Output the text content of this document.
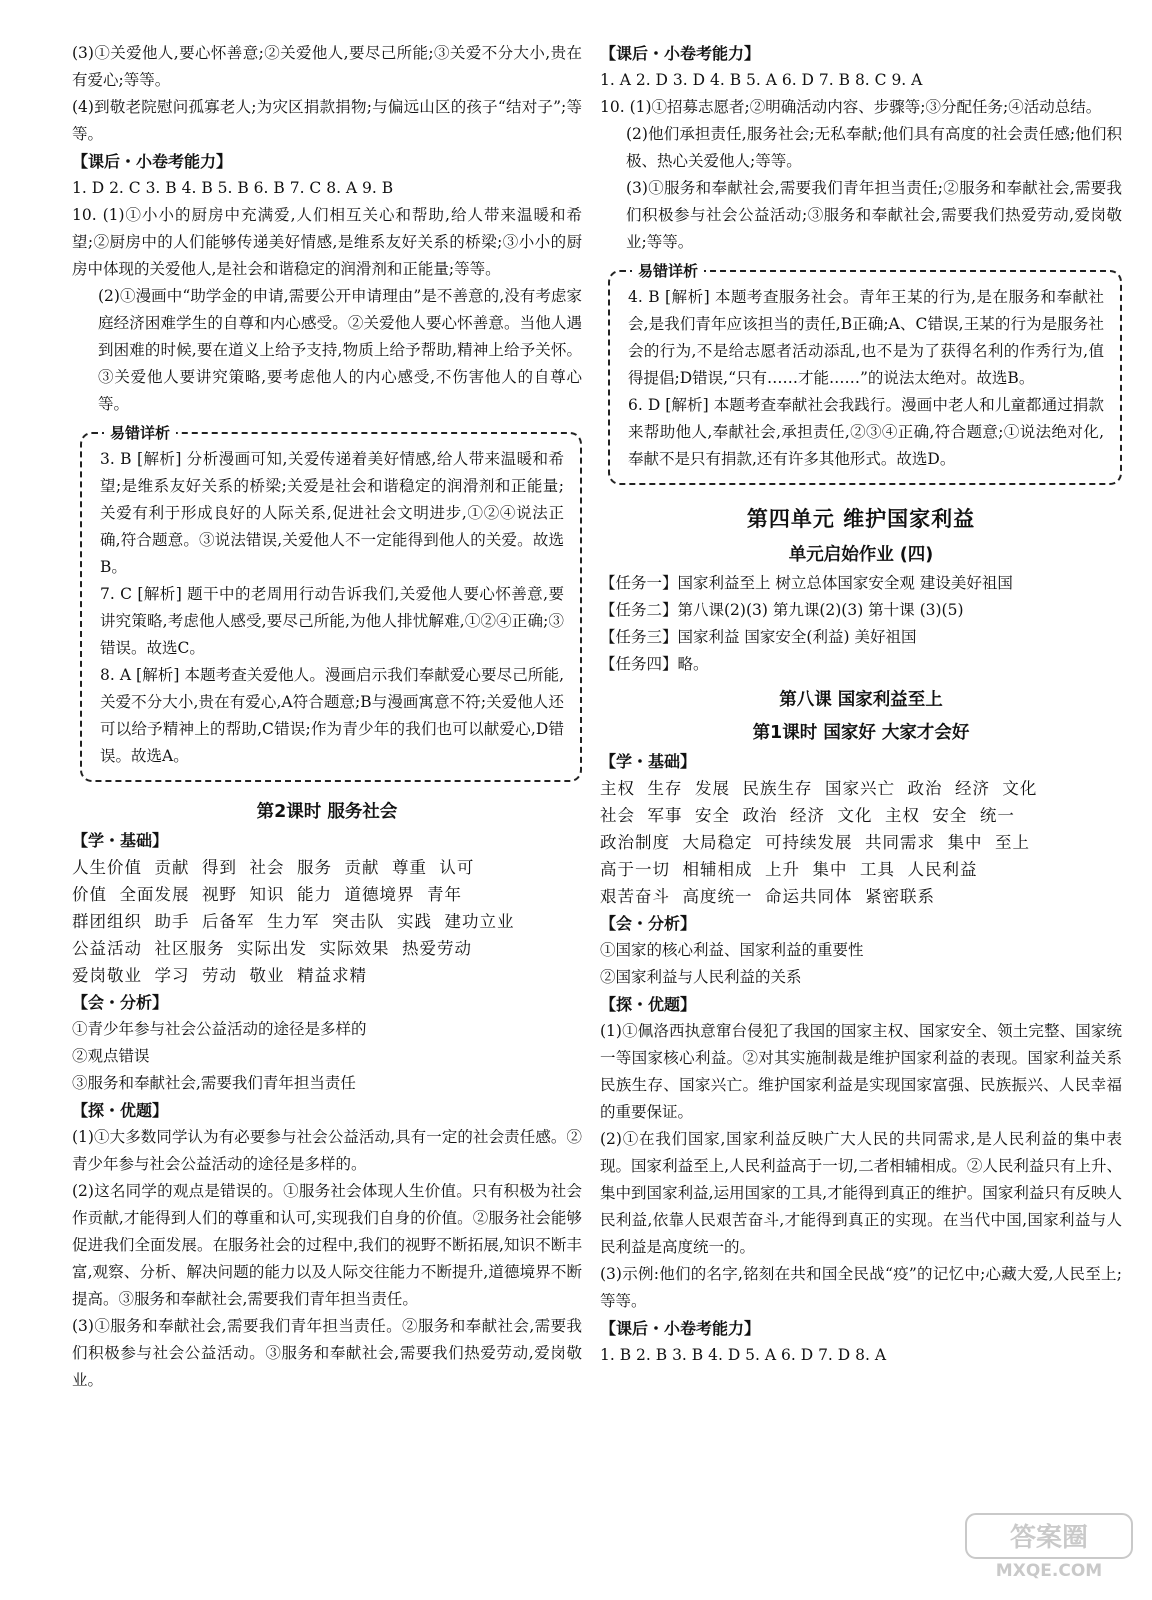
(3)①关爱他人,要心怀善意;②关爱他人,要尽己所能;③关爱不分大小,贵在有爱心;等等。

(4)到敬老院慰问孤寡老人;为灾区捐款捐物;与偏远山区的孩子“结对子”;等等。

【课后・小卷考能力】

1. D 2. C 3. B 4. B 5. B 6. B 7. C 8. A 9. B

10. (1)①小小的厨房中充满爱,人们相互关心和帮助,给人带来温暖和希望;②厨房中的人们能够传递美好情感,是维系友好关系的桥梁;③小小的厨房中体现的关爱他人,是社会和谐稳定的润滑剂和正能量;等等。

(2)①漫画中“助学金的申请,需要公开申请理由”是不善意的,没有考虑家庭经济困难学生的自尊和内心感受。②关爱他人要心怀善意。当他人遇到困难的时候,要在道义上给予支持,物质上给予帮助,精神上给予关怀。③关爱他人要讲究策略,要考虑他人的内心感受,不伤害他人的自尊心等。

易错详析

3. B [解析] 分析漫画可知,关爱传递着美好情感,给人带来温暖和希望;是维系友好关系的桥梁;关爱是社会和谐稳定的润滑剂和正能量;关爱有利于形成良好的人际关系,促进社会文明进步,①②④说法正确,符合题意。③说法错误,关爱他人不一定能得到他人的关爱。故选B。

7. C [解析] 题干中的老周用行动告诉我们,关爱他人要心怀善意,要讲究策略,考虑他人感受,要尽己所能,为他人排忧解难,①②④正确;③错误。故选C。

8. A [解析] 本题考查关爱他人。漫画启示我们奉献爱心要尽己所能,关爱不分大小,贵在有爱心,A符合题意;B与漫画寓意不符;关爱他人还可以给予精神上的帮助,C错误;作为青少年的我们也可以献爱心,D错误。故选A。

第2课时 服务社会

【学・基础】

人生价值  贡献  得到  社会  服务  贡献  尊重  认可

价值  全面发展  视野  知识  能力  道德境界  青年

群团组织  助手  后备军  生力军  突击队  实践  建功立业

公益活动  社区服务  实际出发  实际效果  热爱劳动

爱岗敬业  学习  劳动  敬业  精益求精

【会・分析】

①青少年参与社会公益活动的途径是多样的

②观点错误

③服务和奉献社会,需要我们青年担当责任

【探・优题】

(1)①大多数同学认为有必要参与社会公益活动,具有一定的社会责任感。②青少年参与社会公益活动的途径是多样的。

(2)这名同学的观点是错误的。①服务社会体现人生价值。只有积极为社会作贡献,才能得到人们的尊重和认可,实现我们自身的价值。②服务社会能够促进我们全面发展。在服务社会的过程中,我们的视野不断拓展,知识不断丰富,观察、分析、解决问题的能力以及人际交往能力不断提升,道德境界不断提高。③服务和奉献社会,需要我们青年担当责任。

(3)①服务和奉献社会,需要我们青年担当责任。②服务和奉献社会,需要我们积极参与社会公益活动。③服务和奉献社会,需要我们热爱劳动,爱岗敬业。

【课后・小卷考能力】

1. A 2. D 3. D 4. B 5. A 6. D 7. B 8. C 9. A

10. (1)①招募志愿者;②明确活动内容、步骤等;③分配任务;④活动总结。

(2)他们承担责任,服务社会;无私奉献;他们具有高度的社会责任感;他们积极、热心关爱他人;等等。

(3)①服务和奉献社会,需要我们青年担当责任;②服务和奉献社会,需要我们积极参与社会公益活动;③服务和奉献社会,需要我们热爱劳动,爱岗敬业;等等。

易错详析

4. B [解析] 本题考查服务社会。青年王某的行为,是在服务和奉献社会,是我们青年应该担当的责任,B正确;A、C错误,王某的行为是服务社会的行为,不是给志愿者活动添乱,也不是为了获得名利的作秀行为,值得提倡;D错误,“只有……才能……”的说法太绝对。故选B。

6. D [解析] 本题考查奉献社会我践行。漫画中老人和儿童都通过捐款来帮助他人,奉献社会,承担责任,②③④正确,符合题意;①说法绝对化,奉献不是只有捐款,还有许多其他形式。故选D。

第四单元 维护国家利益
单元启始作业 (四)

【任务一】国家利益至上 树立总体国家安全观 建设美好祖国

【任务二】第八课(2)(3) 第九课(2)(3) 第十课 (3)(5)

【任务三】国家利益 国家安全(利益) 美好祖国

【任务四】略。

第八课 国家利益至上
第1课时 国家好 大家才会好

【学・基础】

主权  生存  发展  民族生存  国家兴亡  政治  经济  文化

社会  军事  安全  政治  经济  文化  主权  安全  统一

政治制度  大局稳定  可持续发展  共同需求  集中  至上

高于一切  相辅相成  上升  集中  工具  人民利益

艰苦奋斗  高度统一  命运共同体  紧密联系

【会・分析】

①国家的核心利益、国家利益的重要性

②国家利益与人民利益的关系

【探・优题】

(1)①佩洛西执意窜台侵犯了我国的国家主权、国家安全、领土完整、国家统一等国家核心利益。②对其实施制裁是维护国家利益的表现。国家利益关系民族生存、国家兴亡。维护国家利益是实现国家富强、民族振兴、人民幸福的重要保证。

(2)①在我们国家,国家利益反映广大人民的共同需求,是人民利益的集中表现。国家利益至上,人民利益高于一切,二者相辅相成。②人民利益只有上升、集中到国家利益,运用国家的工具,才能得到真正的维护。国家利益只有反映人民利益,依靠人民艰苦奋斗,才能得到真正的实现。在当代中国,国家利益与人民利益是高度统一的。

(3)示例:他们的名字,铭刻在共和国全民战“疫”的记忆中;心藏大爱,人民至上;等等。

【课后・小卷考能力】

1. B 2. B 3. B 4. D 5. A 6. D 7. D 8. A

答案圈
MXQE.COM
